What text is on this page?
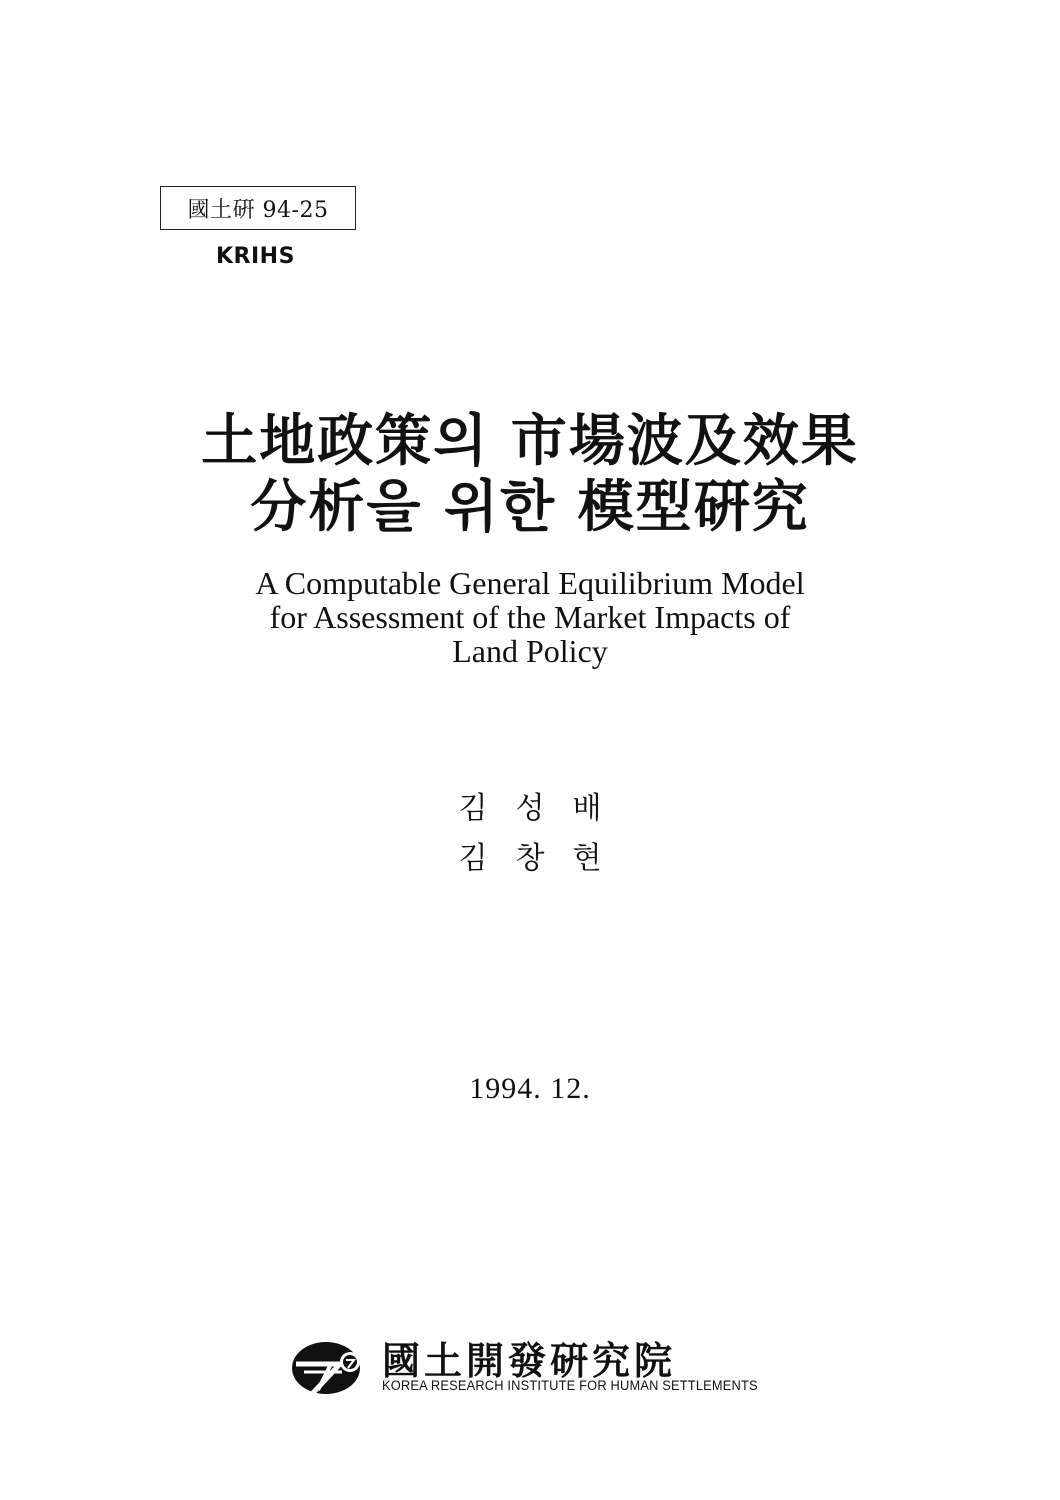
國土硏 94-25
KRIHS
土地政策의 市場波及效果
分析을 위한 模型硏究
A Computable General Equilibrium Model
for Assessment of the Market Impacts of
Land Policy
김성배
김창현
1994. 12.
國土開發硏究院
KOREA RESEARCH INSTITUTE FOR HUMAN SETTLEMENTS
